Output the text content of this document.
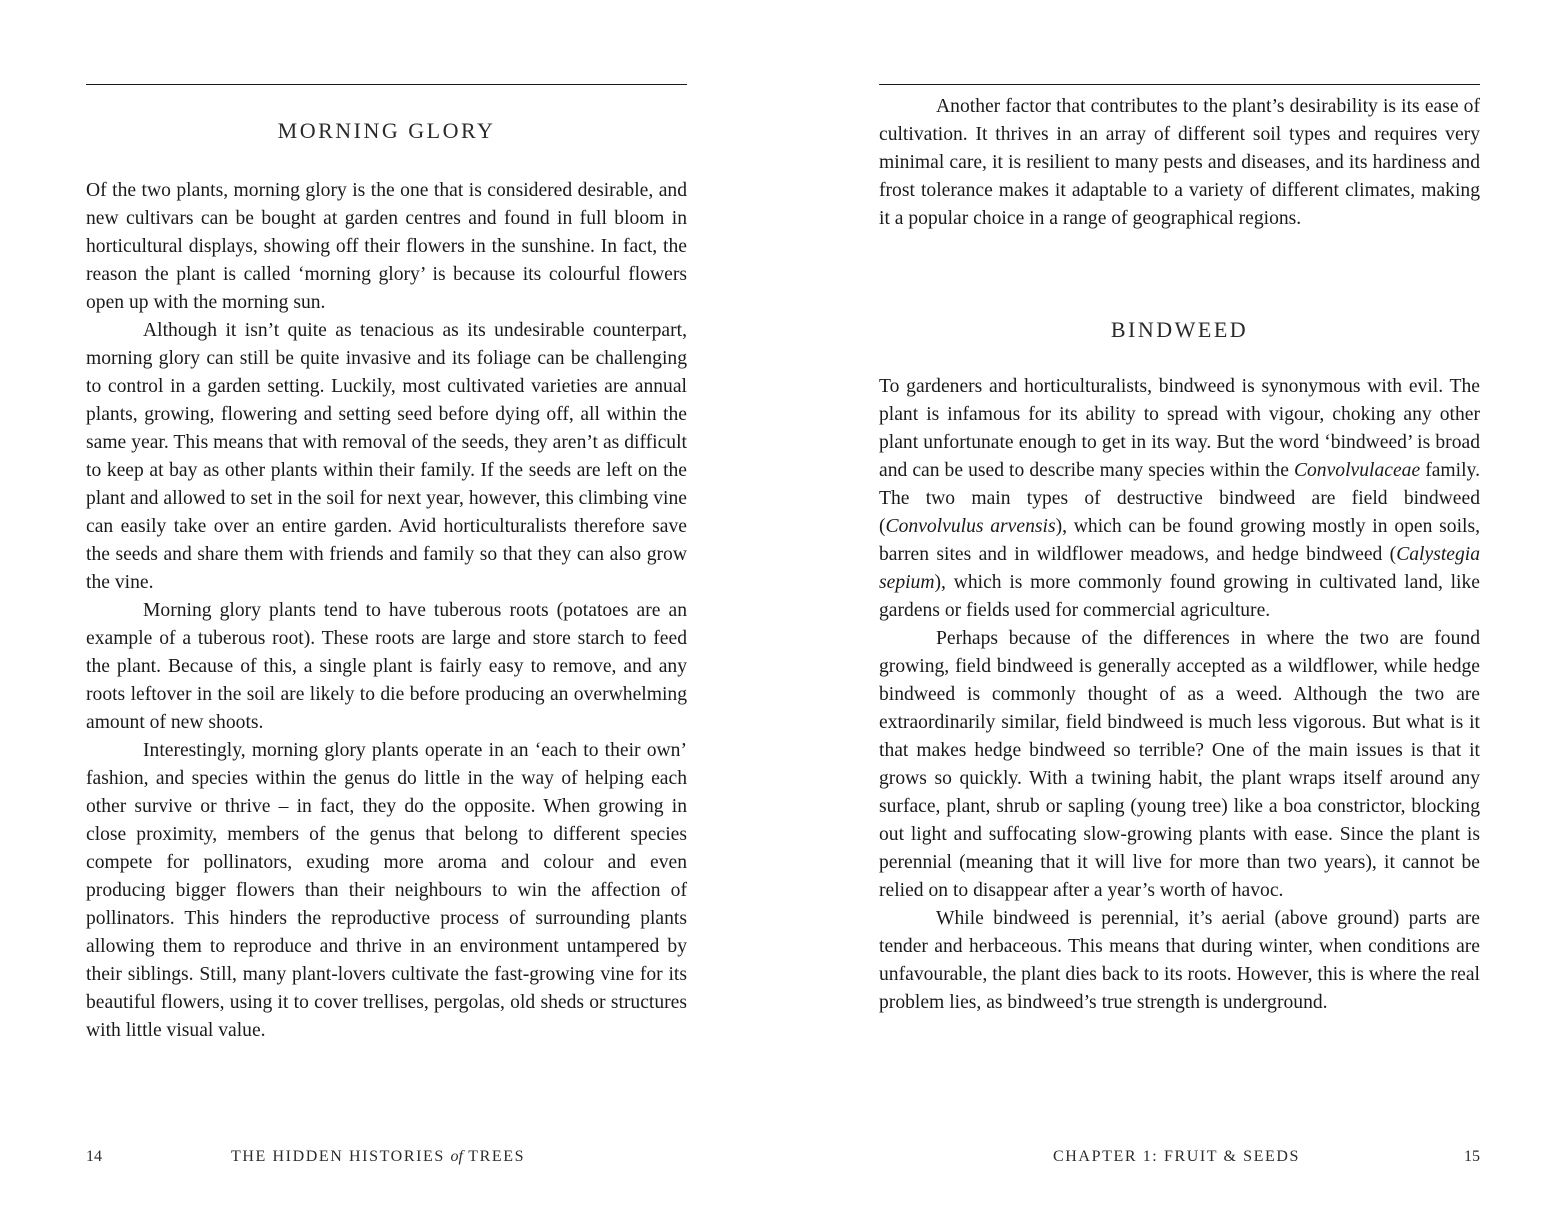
MORNING GLORY

Of the two plants, morning glory is the one that is considered desirable, and new cultivars can be bought at garden centres and found in full bloom in horticultural displays, showing off their flowers in the sunshine. In fact, the reason the plant is called ‘morning glory’ is because its colourful flowers open up with the morning sun.

Although it isn’t quite as tenacious as its undesirable counterpart, morning glory can still be quite invasive and its foliage can be challenging to control in a garden setting. Luckily, most cultivated varieties are annual plants, growing, flowering and setting seed before dying off, all within the same year. This means that with removal of the seeds, they aren’t as difficult to keep at bay as other plants within their family. If the seeds are left on the plant and allowed to set in the soil for next year, however, this climbing vine can easily take over an entire garden. Avid horticulturalists therefore save the seeds and share them with friends and family so that they can also grow the vine.

Morning glory plants tend to have tuberous roots (potatoes are an example of a tuberous root). These roots are large and store starch to feed the plant. Because of this, a single plant is fairly easy to remove, and any roots leftover in the soil are likely to die before producing an overwhelming amount of new shoots.

Interestingly, morning glory plants operate in an ‘each to their own’ fashion, and species within the genus do little in the way of helping each other survive or thrive – in fact, they do the opposite. When growing in close proximity, members of the genus that belong to different species compete for pollinators, exuding more aroma and colour and even producing bigger flowers than their neighbours to win the affection of pollinators. This hinders the reproductive process of surrounding plants allowing them to reproduce and thrive in an environment untampered by their siblings. Still, many plant-lovers cultivate the fast-growing vine for its beautiful flowers, using it to cover trellises, pergolas, old sheds or structures with little visual value.

14	THE HIDDEN HISTORIES of TREES

Another factor that contributes to the plant’s desirability is its ease of cultivation. It thrives in an array of different soil types and requires very minimal care, it is resilient to many pests and diseases, and its hardiness and frost tolerance makes it adaptable to a variety of different climates, making it a popular choice in a range of geographical regions.

BINDWEED

To gardeners and horticulturalists, bindweed is synonymous with evil. The plant is infamous for its ability to spread with vigour, choking any other plant unfortunate enough to get in its way. But the word ‘bindweed’ is broad and can be used to describe many species within the Convolvulaceae family. The two main types of destructive bindweed are field bindweed (Convolvulus arvensis), which can be found growing mostly in open soils, barren sites and in wildflower meadows, and hedge bindweed (Calystegia sepium), which is more commonly found growing in cultivated land, like gardens or fields used for commercial agriculture.

Perhaps because of the differences in where the two are found growing, field bindweed is generally accepted as a wildflower, while hedge bindweed is commonly thought of as a weed. Although the two are extraordinarily similar, field bindweed is much less vigorous. But what is it that makes hedge bindweed so terrible? One of the main issues is that it grows so quickly. With a twining habit, the plant wraps itself around any surface, plant, shrub or sapling (young tree) like a boa constrictor, blocking out light and suffocating slow-growing plants with ease. Since the plant is perennial (meaning that it will live for more than two years), it cannot be relied on to disappear after a year’s worth of havoc.

While bindweed is perennial, it’s aerial (above ground) parts are tender and herbaceous. This means that during winter, when conditions are unfavourable, the plant dies back to its roots. However, this is where the real problem lies, as bindweed’s true strength is underground.

CHAPTER 1: FRUIT & SEEDS	15
